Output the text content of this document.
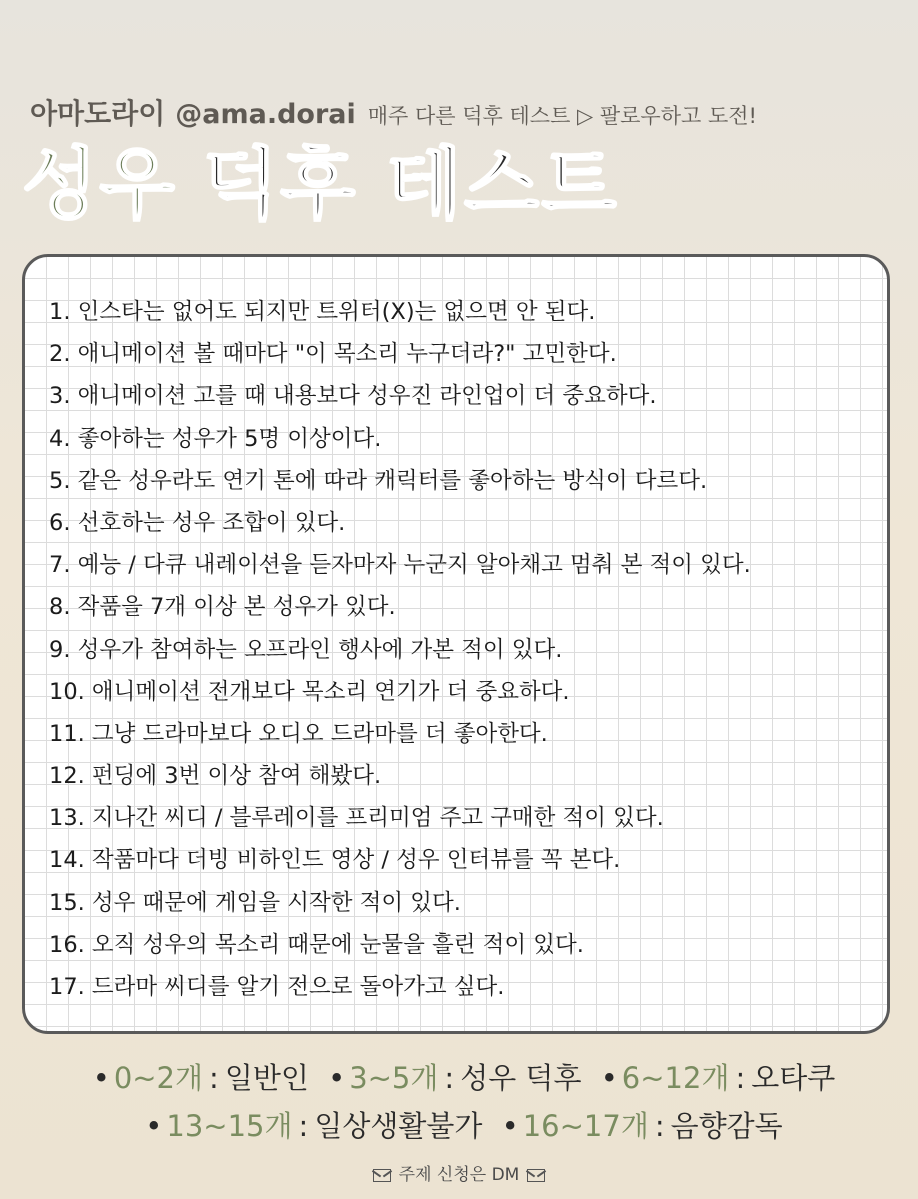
아마도라이 @ama.dorai 매주 다른 덕후 테스트 ▷ 팔로우하고 도전!
성우 덕후 테스트
1. 인스타는 없어도 되지만 트위터(X)는 없으면 안 된다.
2. 애니메이션 볼 때마다 "이 목소리 누구더라?" 고민한다.
3. 애니메이션 고를 때 내용보다 성우진 라인업이 더 중요하다.
4. 좋아하는 성우가 5명 이상이다.
5. 같은 성우라도 연기 톤에 따라 캐릭터를 좋아하는 방식이 다르다.
6. 선호하는 성우 조합이 있다.
7. 예능 / 다큐 내레이션을 듣자마자 누군지 알아채고 멈춰 본 적이 있다.
8. 작품을 7개 이상 본 성우가 있다.
9. 성우가 참여하는 오프라인 행사에 가본 적이 있다.
10. 애니메이션 전개보다 목소리 연기가 더 중요하다.
11. 그냥 드라마보다 오디오 드라마를 더 좋아한다.
12. 펀딩에 3번 이상 참여 해봤다.
13. 지나간 씨디 / 블루레이를 프리미엄 주고 구매한 적이 있다.
14. 작품마다 더빙 비하인드 영상 / 성우 인터뷰를 꼭 본다.
15. 성우 때문에 게임을 시작한 적이 있다.
16. 오직 성우의 목소리 때문에 눈물을 흘린 적이 있다.
17. 드라마 씨디를 알기 전으로 돌아가고 싶다.
• 0~2개 : 일반인 • 3~5개 : 성우 덕후 • 6~12개 : 오타쿠
• 13~15개 : 일상생활불가 • 16~17개 : 음향감독
주제 신청은 DM
